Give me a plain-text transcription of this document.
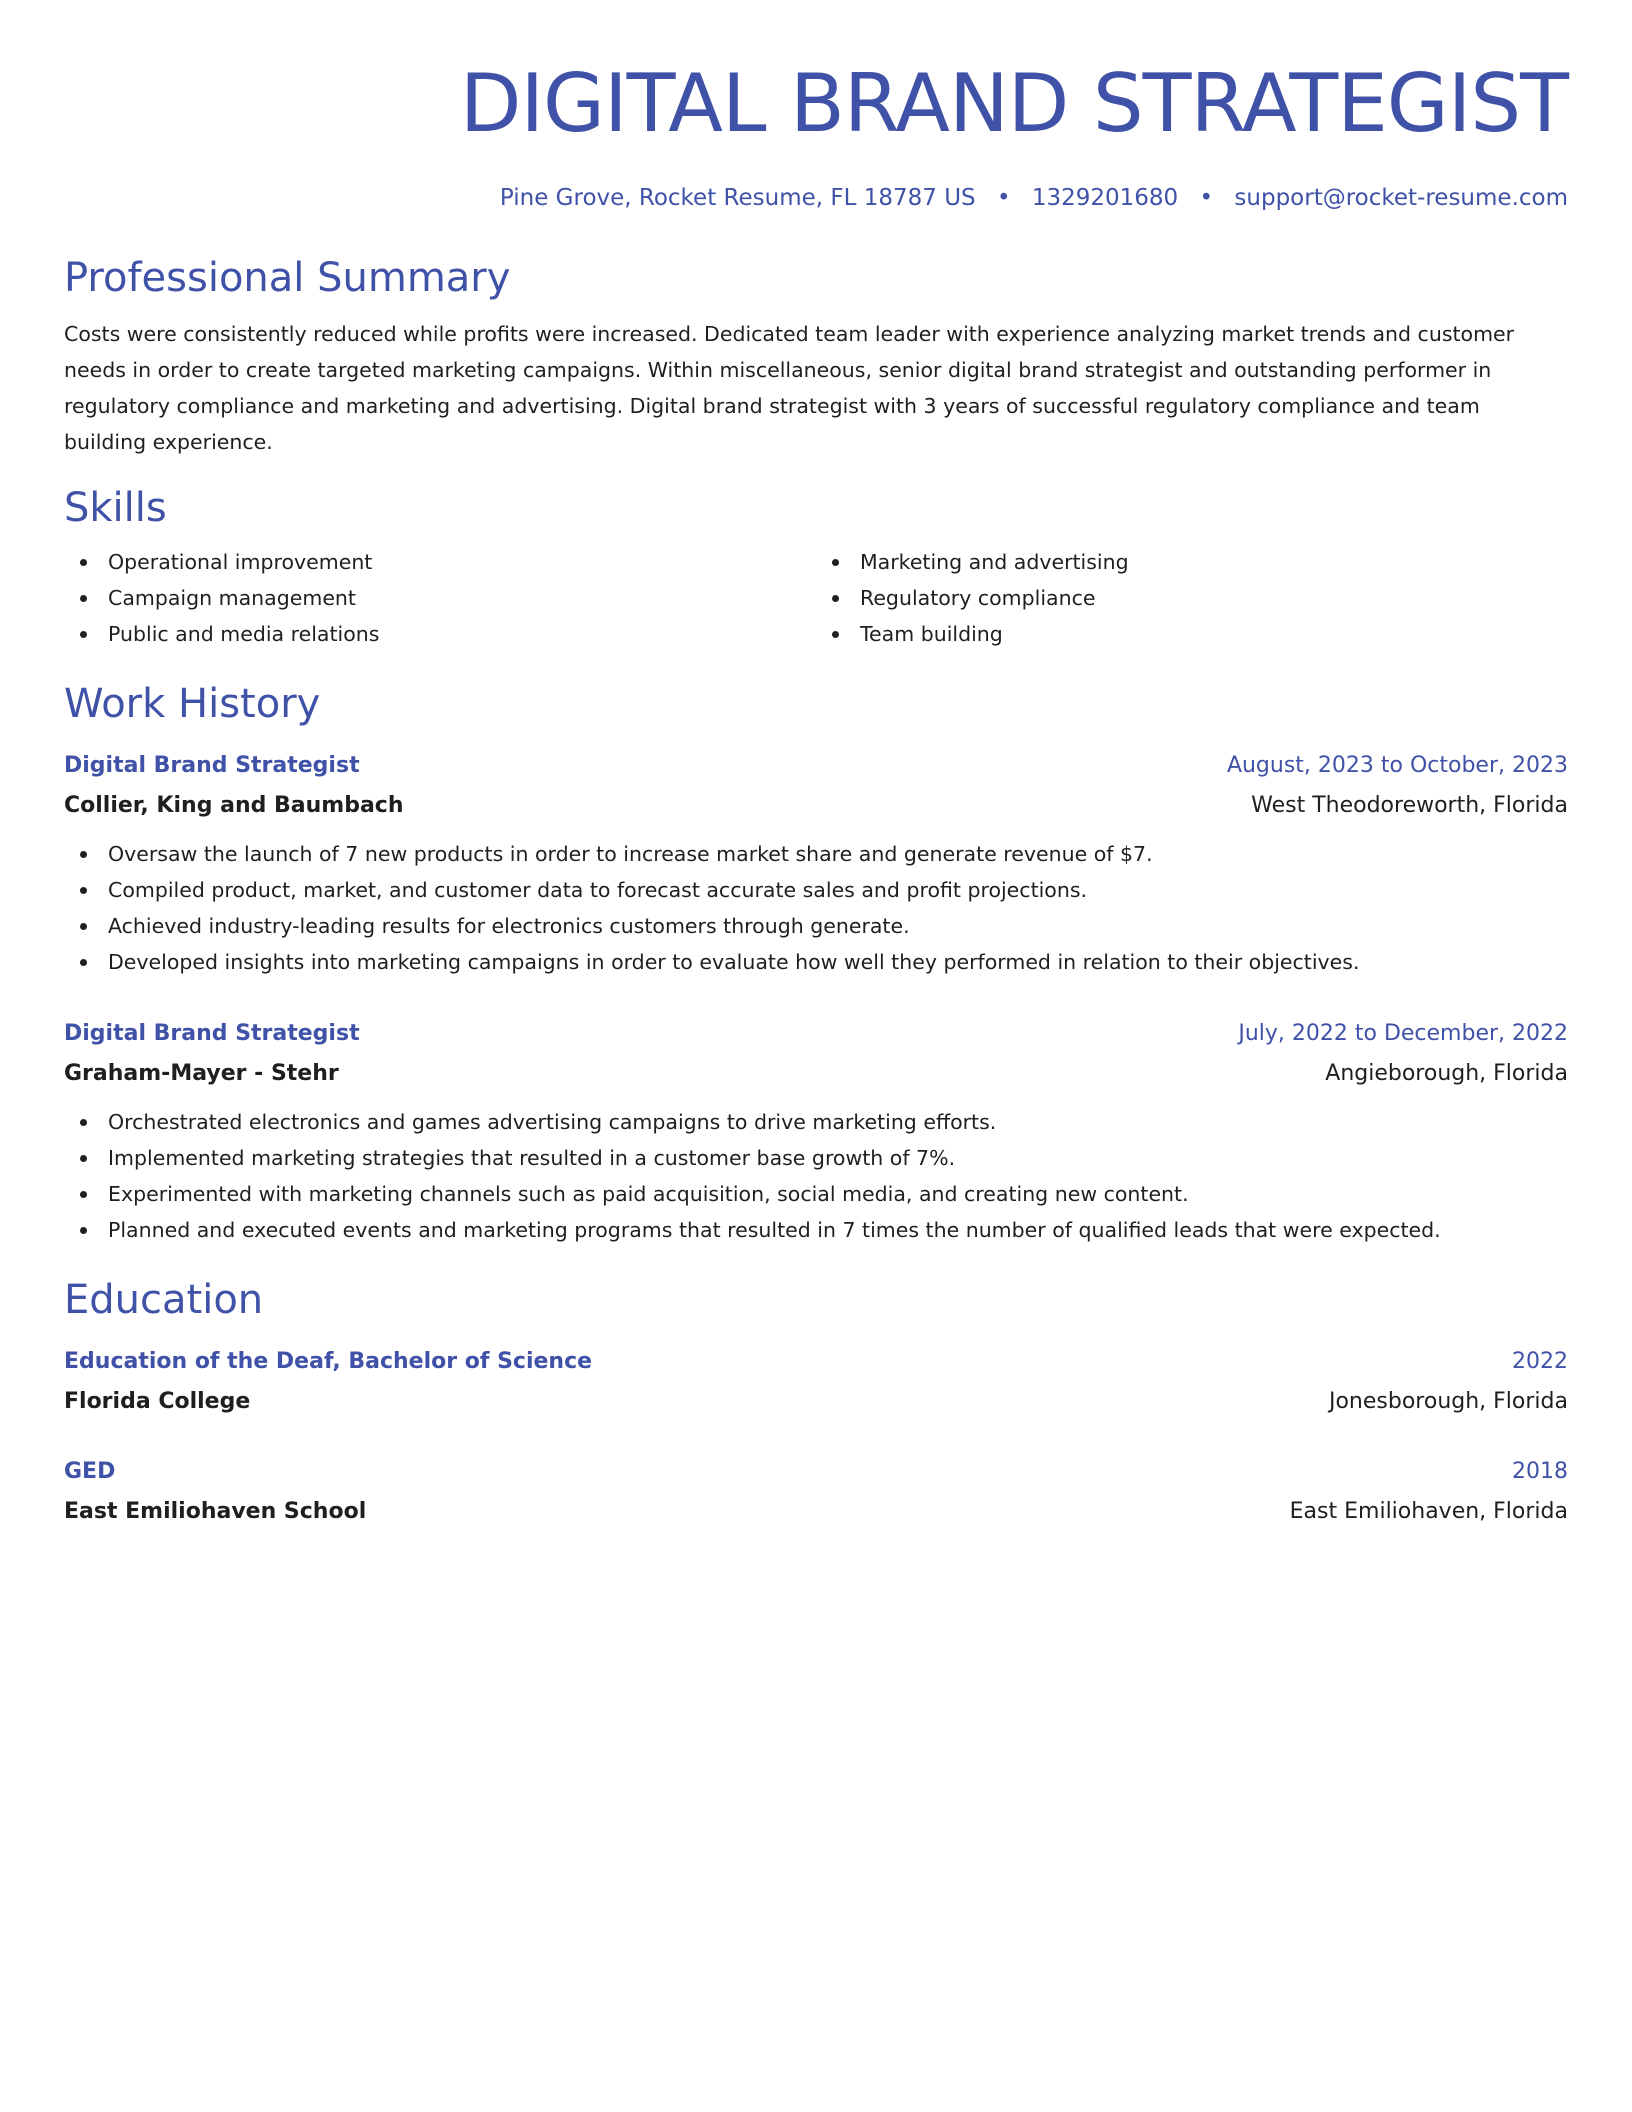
DIGITAL BRAND STRATEGIST
Pine Grove, Rocket Resume, FL 18787 US • 1329201680 • support@rocket-resume.com
Professional Summary

Costs were consistently reduced while profits were increased. Dedicated team leader with experience analyzing market trends and customer needs in order to create targeted marketing campaigns. Within miscellaneous, senior digital brand strategist and outstanding performer in regulatory compliance and marketing and advertising. Digital brand strategist with 3 years of successful regulatory compliance and team building experience.

Skills
Operational improvement
Campaign management
Public and media relations
Marketing and advertising
Regulatory compliance
Team building
Work History
Digital Brand Strategist	August, 2023 to October, 2023
Collier, King and Baumbach	West Theodoreworth, Florida
Oversaw the launch of 7 new products in order to increase market share and generate revenue of $7.
Compiled product, market, and customer data to forecast accurate sales and profit projections.
Achieved industry-leading results for electronics customers through generate.
Developed insights into marketing campaigns in order to evaluate how well they performed in relation to their objectives.
Digital Brand Strategist	July, 2022 to December, 2022
Graham-Mayer - Stehr	Angieborough, Florida
Orchestrated electronics and games advertising campaigns to drive marketing efforts.
Implemented marketing strategies that resulted in a customer base growth of 7%.
Experimented with marketing channels such as paid acquisition, social media, and creating new content.
Planned and executed events and marketing programs that resulted in 7 times the number of qualified leads that were expected.
Education
Education of the Deaf, Bachelor of Science	2022
Florida College	Jonesborough, Florida
GED	2018
East Emiliohaven School	East Emiliohaven, Florida
